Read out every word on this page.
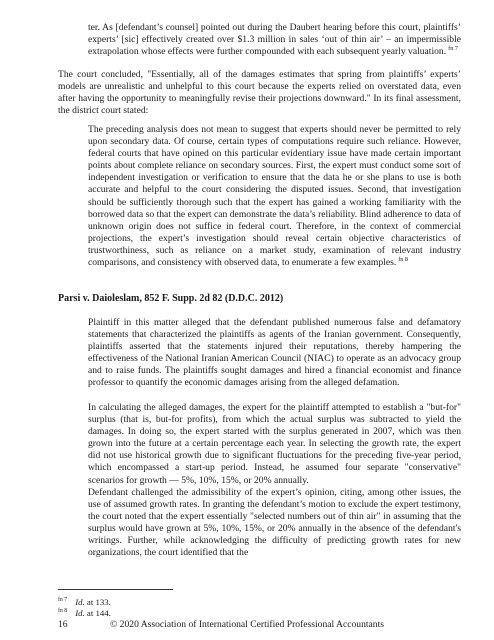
ter. As [defendant’s counsel] pointed out during the Daubert hearing before this court, plaintiffs’ experts’ [sic] effectively created over $1.3 million in sales ‘out of thin air’ – an impermissible extrapolation whose effects were further compounded with each subsequent yearly valuation. $^{fn 7}$

The court concluded, "Essentially, all of the damages estimates that spring from plaintiffs’ experts’ models are unrealistic and unhelpful to this court because the experts relied on overstated data, even after having the opportunity to meaningfully revise their projections downward." In its final assessment, the district court stated:

The preceding analysis does not mean to suggest that experts should never be permitted to rely upon secondary data. Of course, certain types of computations require such reliance. However, federal courts that have opined on this particular evidentiary issue have made certain important points about complete reliance on secondary sources. First, the expert must conduct some sort of independent investigation or verification to ensure that the data he or she plans to use is both accurate and helpful to the court considering the disputed issues. Second, that investigation should be sufficiently thorough such that the expert has gained a working familiarity with the borrowed data so that the expert can demonstrate the data’s reliability. Blind adherence to data of unknown origin does not suffice in federal court. Therefore, in the context of commercial projections, the expert’s investigation should reveal certain objective characteristics of trustworthiness, such as reliance on a market study, examination of relevant industry comparisons, and consistency with observed data, to enumerate a few examples. $^{fn 8}$

Parsi v. Daioleslam, 852 F. Supp. 2d 82 (D.D.C. 2012)

Plaintiff in this matter alleged that the defendant published numerous false and defamatory statements that characterized the plaintiffs as agents of the Iranian government. Consequently, plaintiffs asserted that the statements injured their reputations, thereby hampering the effectiveness of the National Iranian American Council (NIAC) to operate as an advocacy group and to raise funds. The plaintiffs sought damages and hired a financial economist and finance professor to quantify the economic damages arising from the alleged defamation.

In calculating the alleged damages, the expert for the plaintiff attempted to establish a "but-for" surplus (that is, but-for profits), from which the actual surplus was subtracted to yield the damages. In doing so, the expert started with the surplus generated in 2007, which was then grown into the future at a certain percentage each year. In selecting the growth rate, the expert did not use historical growth due to significant fluctuations for the preceding five-year period, which encompassed a start-up period. Instead, he assumed four separate "conservative" scenarios for growth — 5%, 10%, 15%, or 20% annually.

Defendant challenged the admissibility of the expert’s opinion, citing, among other issues, the use of assumed growth rates. In granting the defendant’s motion to exclude the expert testimony, the court noted that the expert essentially "selected numbers out of thin air" in assuming that the surplus would have grown at 5%, 10%, 15%, or 20% annually in the absence of the defendant's writings. Further, while acknowledging the difficulty of predicting growth rates for new organizations, the court identified that the

$^{fn 7}$ Id. at 133.
$^{fn 8}$ Id. at 144.
16	© 2020 Association of International Certified Professional Accountants
